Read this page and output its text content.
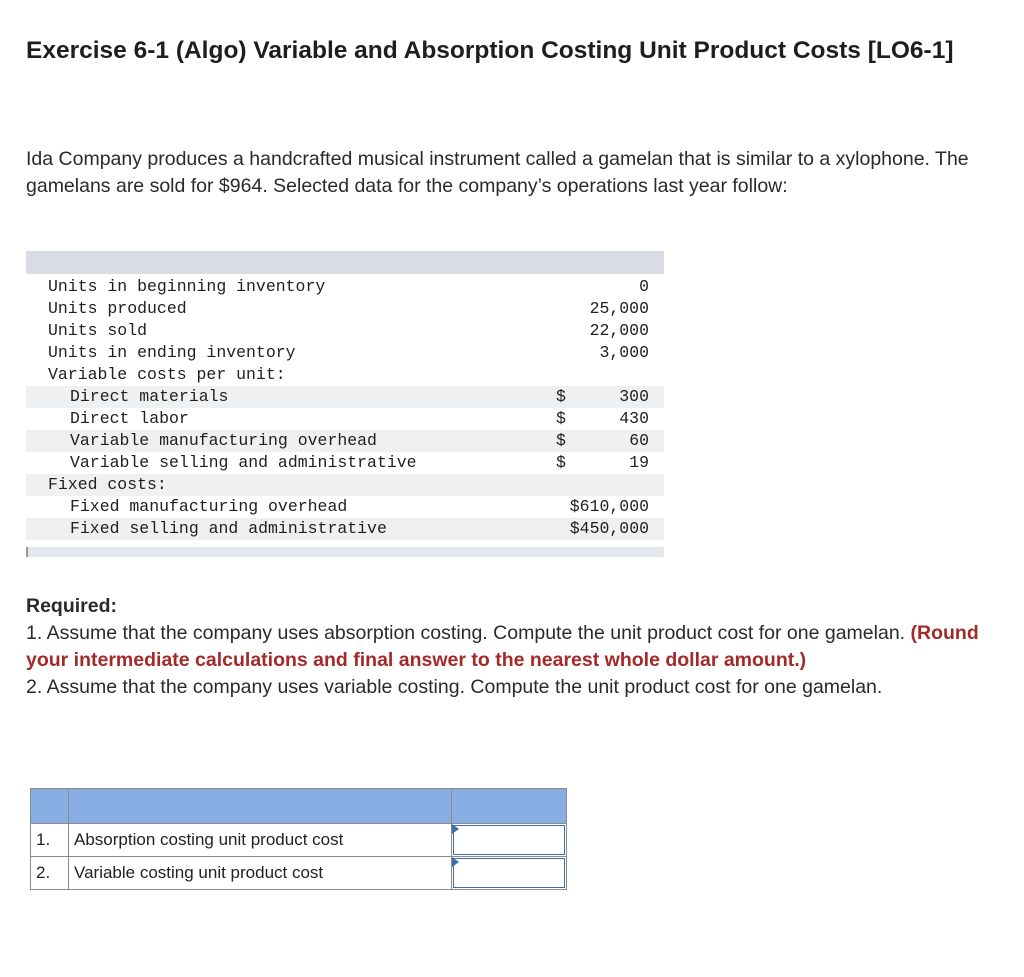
Exercise 6-1 (Algo) Variable and Absorption Costing Unit Product Costs [LO6-1]
Ida Company produces a handcrafted musical instrument called a gamelan that is similar to a xylophone. The gamelans are sold for $964. Selected data for the company’s operations last year follow:
Units in beginning inventory	0
Units produced	25,000
Units sold	22,000
Units in ending inventory	3,000
Variable costs per unit:
Direct materials	$	300
Direct labor	$	430
Variable manufacturing overhead	$	60
Variable selling and administrative	$	19
Fixed costs:
Fixed manufacturing overhead	$610,000
Fixed selling and administrative	$450,000
Required:
1. Assume that the company uses absorption costing. Compute the unit product cost for one gamelan. (Round your intermediate calculations and final answer to the nearest whole dollar amount.)
2. Assume that the company uses variable costing. Compute the unit product cost for one gamelan.

1.	Absorption costing unit product cost	

2.	Variable costing unit product cost	
